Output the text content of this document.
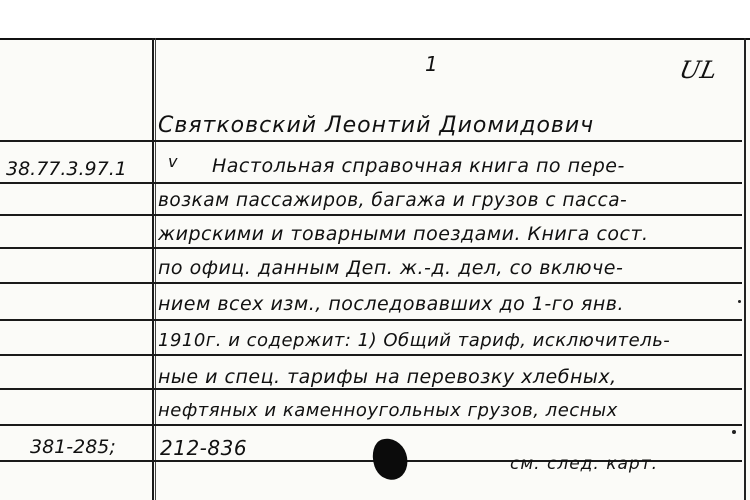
1	UL
Святковский Леонтий Диомидович
38.77.3.97.1	v Настольная справочная книга по пере-
возкам пассажиров, багажа и грузов с пасса-
жирскими и товарными поездами. Книга сост.
по офиц. данным Деп. ж.-д. дел, со включе-
нием всех изм., последовавших до 1-го янв.
1910г. и содержит: 1) Общий тариф, исключитель-
ные и спец. тарифы на перевозку хлебных,
нефтяных и каменноугольных грузов, лесных
381-285; 212-836
см. след. карт.
